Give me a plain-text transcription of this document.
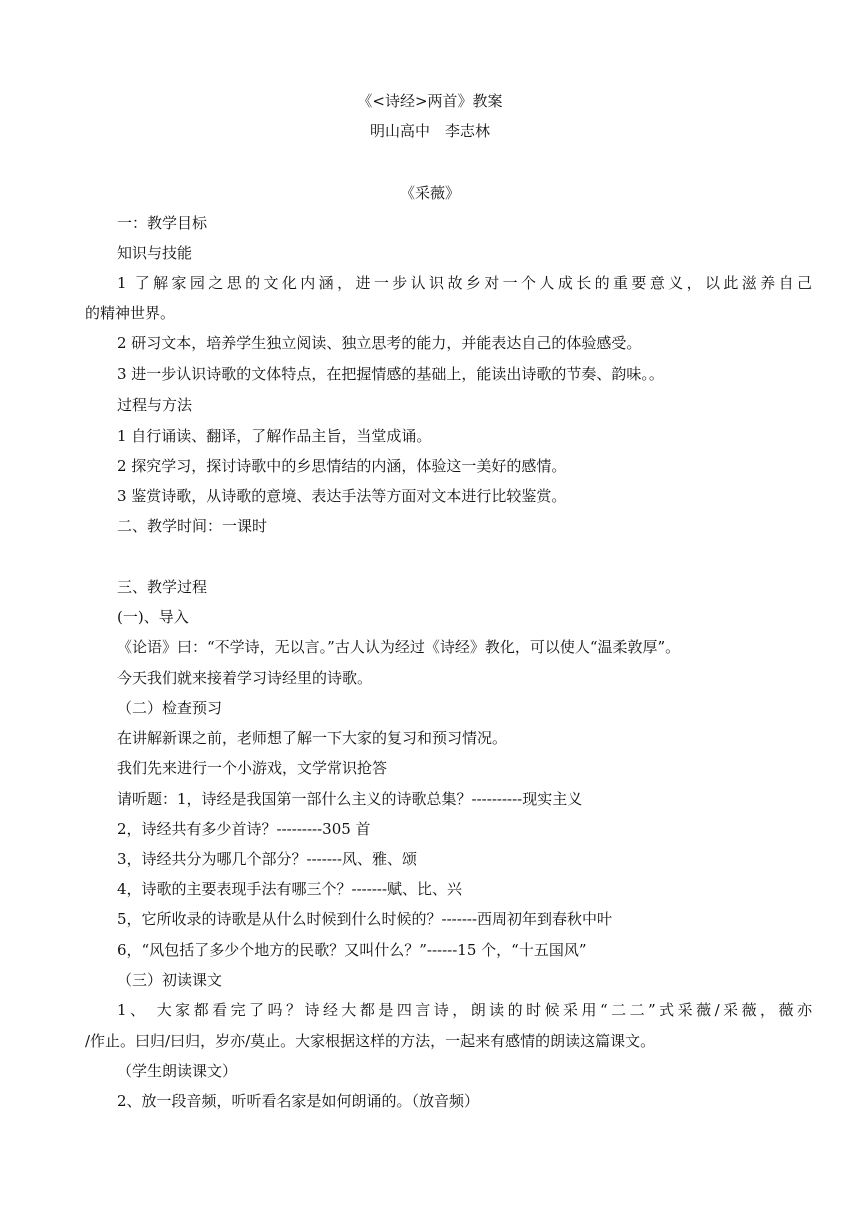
《<诗经>两首》教案
明山高中　李志林
《采薇》
一：教学目标
知识与技能
1 了解家园之思的文化内涵，进一步认识故乡对一个人成长的重要意义，以此滋养自己
的精神世界。
2 研习文本，培养学生独立阅读、独立思考的能力，并能表达自己的体验感受。
3 进一步认识诗歌的文体特点，在把握情感的基础上，能读出诗歌的节奏、韵味。。
过程与方法
1 自行诵读、翻译，了解作品主旨，当堂成诵。
2 探究学习，探讨诗歌中的乡思情结的内涵，体验这一美好的感情。
3 鉴赏诗歌，从诗歌的意境、表达手法等方面对文本进行比较鉴赏。
二、教学时间：一课时
三、教学过程
(一)、导入
《论语》曰：“不学诗，无以言。”古人认为经过《诗经》教化，可以使人“温柔敦厚”。
今天我们就来接着学习诗经里的诗歌。
（二）检查预习
在讲解新课之前，老师想了解一下大家的复习和预习情况。
我们先来进行一个小游戏，文学常识抢答
请听题：1，诗经是我国第一部什么主义的诗歌总集？----------现实主义
2，诗经共有多少首诗？---------305 首
3，诗经共分为哪几个部分？-------风、雅、颂
4，诗歌的主要表现手法有哪三个？-------赋、比、兴
5，它所收录的诗歌是从什么时候到什么时候的？-------西周初年到春秋中叶
6，“风包括了多少个地方的民歌？又叫什么？”------15 个，“十五国风”
（三）初读课文
1、 大家都看完了吗？诗经大都是四言诗，朗读的时候采用“二二”式采薇/采薇，薇亦
/作止。曰归/曰归，岁亦/莫止。大家根据这样的方法，一起来有感情的朗读这篇课文。
（学生朗读课文）
2、放一段音频，听听看名家是如何朗诵的。（放音频）
